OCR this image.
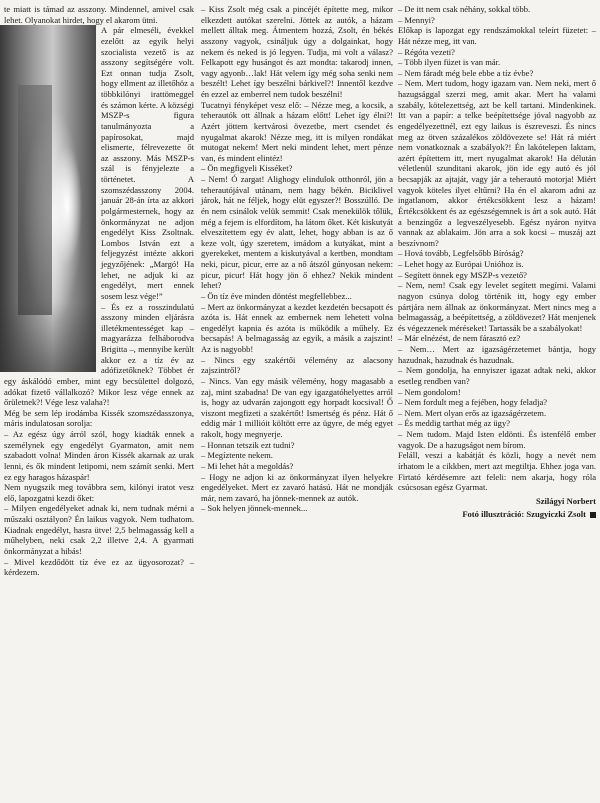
te miatt is támad az asszony. Mindennel, amivel csak lehet. Olyanokat hirdet, hogy el akarom ütni.

A pár elmeséli, évekkel ezelőtt az egyik helyi szocialista vezető is az asszony segítségére volt. Ezt onnan tudja Zsolt, hogy ellment az illetőhöz a többkilónyi irattömeggel és számon kérte. A községi MSZP-s figura tanulmányozta a papírosokat, majd elismerte, félrevezette őt az asszony. Más MSZP-s szál is fényjelezte a történetet. A szomszédasszony 2004. január 28-án írta az akkori polgármesternek, hogy az önkormányzat ne adjon engedélyt Kiss Zsoltnak. Lombos István ezt a feljegyzést intézte akkori jegyzőjének: „Margó! Ha lehet, ne adjuk ki az engedélyt, mert ennek sosem lesz vége!”

– És ez a rosszindulatú asszony minden eljárásra illetékmentességet kap – magyarázza felháborodva Brigitta –, mennyibe került akkor ez a tíz év az adófizetőknek? Többet ér egy áskálódó ember, mint egy becsülettel dolgozó, adókat fizető vállalkozó? Mikor lesz vége ennek az őrületnek?! Vége lesz valaha?!

Még be sem lép irodámba Kissék szomszédasszonya, máris indulatosan sorolja:

– Az egész úgy árról szól, hogy kiadták ennek a személynek egy engedélyt Gyarmaton, amit nem szabadott volna! Minden áron Kissék akarnak az urak lenni, és ők mindent letipomi, nem számít senki. Mert ez egy haragos házaspár!

Nem nyugszik meg továbbra sem, kilónyi iratot vesz elő, lapozgatni kezdi őket:

– Milyen engedélyeket adnak ki, nem tudnak mérni a műszaki osztályon? Én laikus vagyok. Nem tudhatom. Kiadnak engedélyt, hasra ütve! 2,5 belmagasság kell a műhelyben, neki csak 2,2 illetve 2,4. A gyarmati önkormányzat a hibás!

– Mivel kezdődött tíz éve ez az ügyosorozat? – kérdezem.

– Kiss Zsolt még csak a pincéjét építette meg, mikor elkezdett autókat szerelni. Jöttek az autók, a házam mellett álltak meg. Átmentem hozzá, Zsolt, én békés asszony vagyok, csináljuk úgy a dolgainkat, hogy nekem és neked is jó legyen. Tudja, mi volt a válasz? Felkapott egy husángot és azt mondta: takarodj innen, vagy agyonb…lak! Hát velem így még soha senki nem beszélt! Lehet így beszélni bárkivel?! Innentől kezdve én ezzel az emberrel nem tudok beszélni!

Tucatnyi fényképet vesz elő: – Nézze meg, a kocsik, a teherautók ott állnak a házam előtt! Lehet így élni?! Azért jöttem kertvárosi övezetbe, mert csendet és nyugalmat akarok! Nézze meg, itt is milyen rondákat mutogat nekem! Mert neki mindent lehet, mert pénze van, és mindent elintéz!

– Ön megfigyeli Kisséket?

– Nem! Ó zargat! Alighogy elindulok otthonról, jön a teherautójával utánam, nem hagy békén. Biciklivel járok, hát ne féljek, hogy elüt egyszer?! Bosszúlló. De én nem csinálok velük semmit! Csak menekülök tőlük, még a fejem is elfordítom, ha látom őket. Két kiskutyát elveszítettem egy év alatt, lehet, hogy abban is az ő keze volt, úgy szeretem, imádom a kutyákat, mint a gyerekeket, mentem a kiskutyával a kertben, mondtam neki, picur, picur, erre az a nő átszól gúnyosan nekem: picur, picur! Hát hogy jön ő ehhez? Nekik mindent lehet?

– Ön tíz éve minden döntést megfellebbez...

– Mert az önkormányzat a kezdet kezdetén becsapott és azóta is. Hát ennek az embernek nem lehetett volna engedélyt kapnia és azóta is működik a műhely. Ez becsapás! A belmagasság az egyik, a másik a zajszint! Az is nagyobb!

– Nincs egy szakértői vélemény az alacsony zajszintről?

– Nincs. Van egy másik vélemény, hogy magasabb a zaj, mint szabadna! De van egy igazgatóhelyettes arról is, hogy az udvarán zajongott egy horpadt kocsival! Ő viszont megfizeti a szakértőt! Ismertség és pénz. Hát ő eddig már 1 millióit költött erre az ügyre, de még egyet rakolt, hogy megnyerje.

– Honnan tetszik ezt tudni?

– Megíztente nekem.

– Mi lehet hát a megoldás?

– Hogy ne adjon ki az önkormányzat ilyen helyekre engedélyeket. Mert ez zavaró hatású. Hát ne mondják már, nem zavaró, ha jönnek-mennek az autók.

– Sok helyen jönnek-mennek...

– De itt nem csak néhány, sokkal több.

– Mennyi?

Előkap is lapozgat egy rendszámokkal teleírt füzetet: – Hát nézze meg, itt van.

– Régóta vezeti?

– Több ilyen füzet is van már.

– Nem fáradt még bele ebbe a tíz évbe?

– Nem. Mert tudom, hogy igazam van. Nem neki, mert ő hazugsággal szerzi meg, amit akar. Mert ha valami szabály, kötelezettség, azt be kell tartani. Mindenkinek. Itt van a papír: a telke beépítettsége jóval nagyobb az engedélyezettnél, ezt egy laikus is észreveszi. És nincs meg az ötven százalékos zöldövezete se! Hát rá miért nem vonatkoznak a szabályok?! Én lakótelepen laktam, azért építettem itt, mert nyugalmat akarok! Ha délután véletlenül szunditani akarok, jön ide egy autó és jól becsapják az ajtaját, vagy jár a teherautó motorja! Miért vagyok köteles ilyet eltűrni? Ha én el akarom adni az ingatlanom, akkor értékcsökkent lesz a házam! Értékcsökkent és az egészségemnek is árt a sok autó. Hát a benzingőz a legveszélyesebb. Egész nyáron nyitva vannak az ablakaim. Jön arra a sok kocsi – muszáj azt beszívnom?

– Hová tovább, Legfelsőbb Bíróság?

– Lehet hogy az Európai Unióhoz is.

– Segített önnek egy MSZP-s vezető?

– Nem, nem! Csak egy levelet segített megírni. Valami nagyon csúnya dolog történik itt, hogy egy ember pártjára nem állnak az önkormányzat. Mert nincs meg a belmagasság, a beépítettség, a zöldövezet? Hát menjenek és végezzenek méréseket! Tartassák be a szabályokat!

– Már elnézést, de nem fárasztó ez?

– Nem… Mert az igazságérzetemet bántja, hogy hazudnak, hazudnak és hazudnak.

– Nem gondolja, ha ennyiszer igazat adtak neki, akkor esetleg rendben van?

– Nem gondolom!

– Nem fordult meg a fejében, hogy feladja?

– Nem. Mert olyan erős az igazságérzetem.

– És meddig tarthat még az ügy?

– Nem tudom. Majd Isten eldönti. És istenfélő ember vagyok. De a hazugságot nem bírom.

Feláll, veszi a kabátját és közli, hogy a nevét nem írhatom le a cikkben, mert azt megtiltja. Ehhez joga van. Firtató kérdésemre azt feleli: nem akarja, hogy róla csúcsosan egész Gyarmat.

Szilágyi Norbert

Fotó illusztráció: Szugyiczki Zsolt
